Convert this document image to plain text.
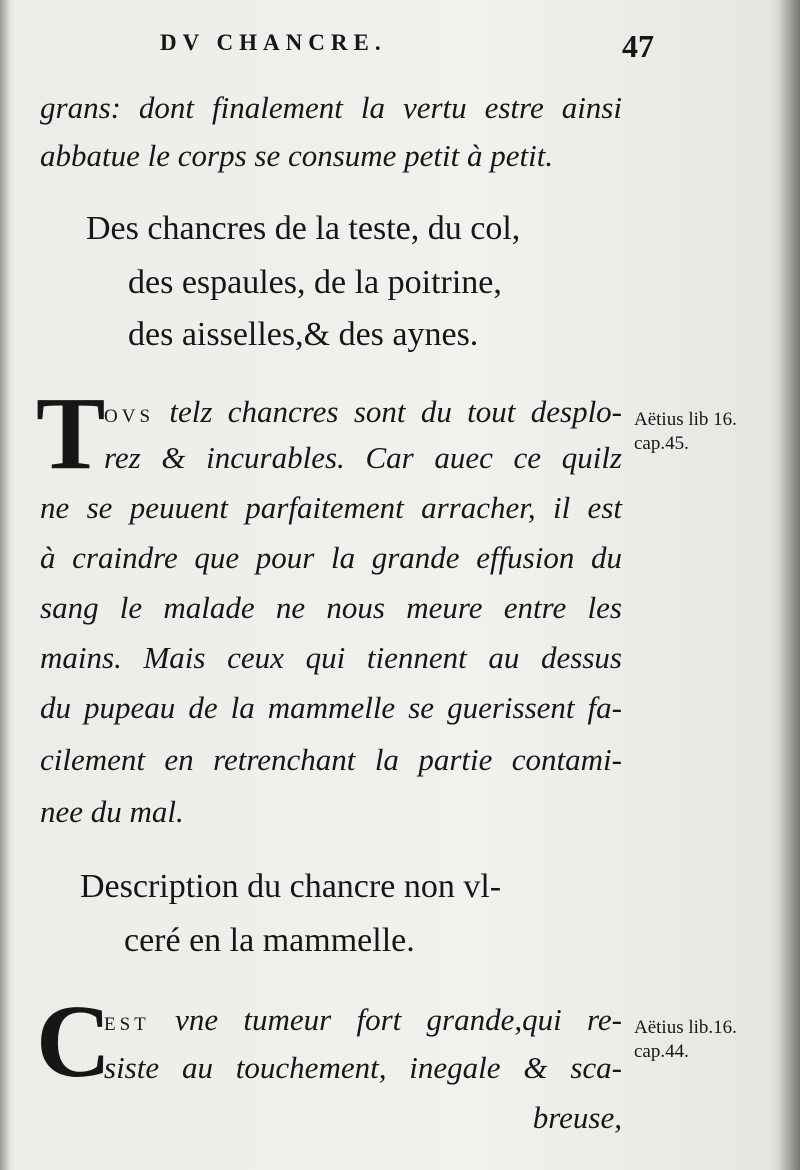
DV CHANCRE.	47
grans: dont finalement la vertu estre ainsi
abbatue le corps se consume petit à petit.
Des chancres de la teste, du col,
des espaules, de la poitrine,
des aisselles,& des aynes.
T
OVS telz chancres sont du tout desplo-
rez & incurables. Car auec ce quilz
ne se peuuent parfaitement arracher, il est
à craindre que pour la grande effusion du
sang le malade ne nous meure entre les
mains. Mais ceux qui tiennent au dessus
du pupeau de la mammelle se guerissent fa-
cilement en retrenchant la partie contami-
nee du mal.
Aëtius lib 16.
cap.45.
Description du chancre non vl-
ceré en la mammelle.
C
EST vne tumeur fort grande,qui re-
siste au touchement, inegale & sca-
breuse,
Aëtius lib.16.
cap.44.
